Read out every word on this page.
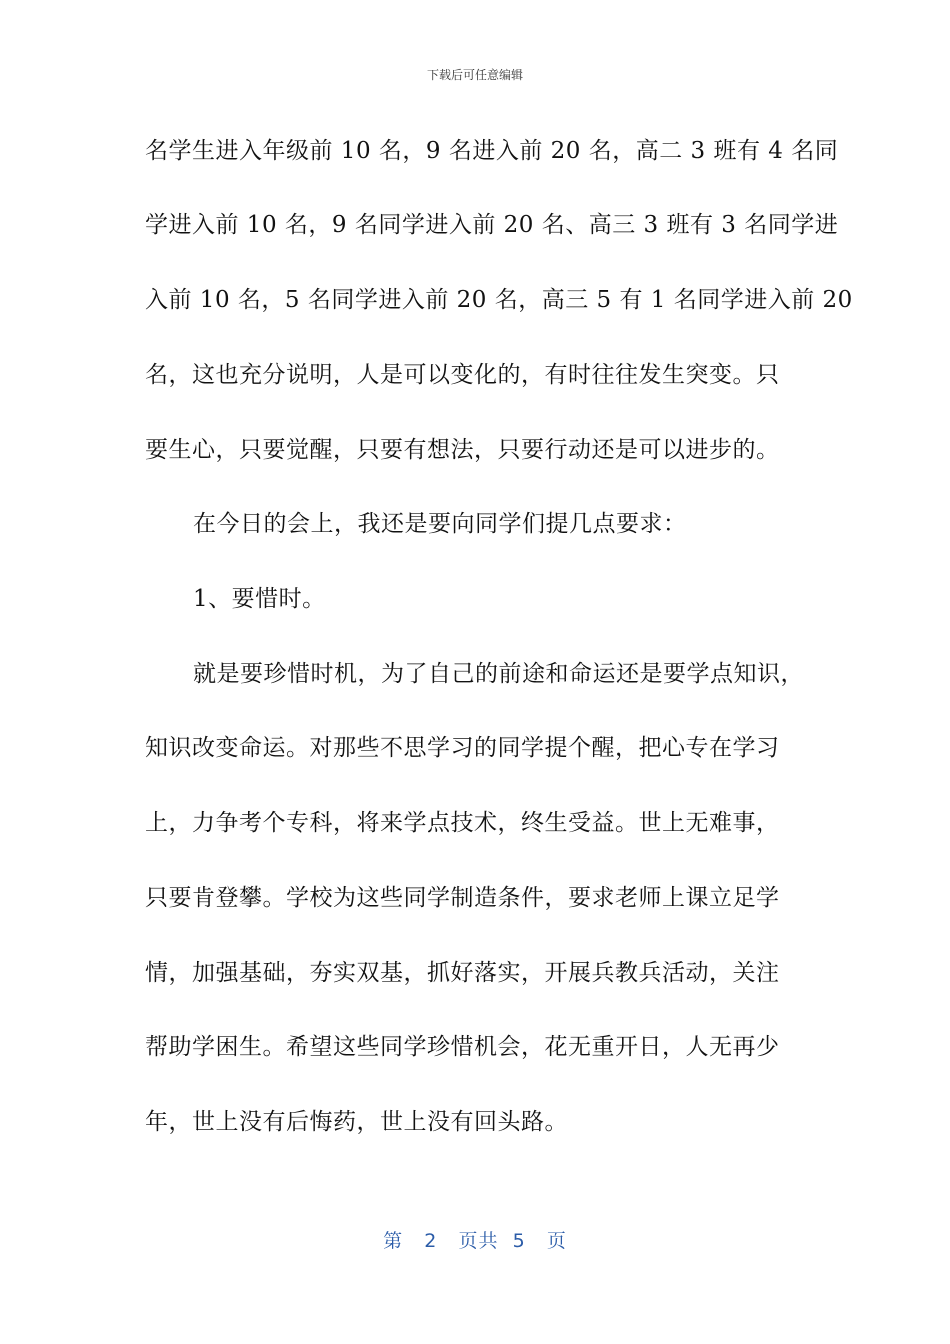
下载后可任意编辑
名学生进入年级前 10 名，9 名进入前 20 名，高二 3 班有 4 名同
学进入前 10 名，9 名同学进入前 20 名、高三 3 班有 3 名同学进
入前 10 名，5 名同学进入前 20 名，高三 5 有 1 名同学进入前 20
名，这也充分说明，人是可以变化的，有时往往发生突变。只
要生心，只要觉醒，只要有想法，只要行动还是可以进步的。
在今日的会上，我还是要向同学们提几点要求：
1、要惜时。
就是要珍惜时机，为了自己的前途和命运还是要学点知识，
知识改变命运。对那些不思学习的同学提个醒，把心专在学习
上，力争考个专科，将来学点技术，终生受益。世上无难事，
只要肯登攀。学校为这些同学制造条件，要求老师上课立足学
情，加强基础，夯实双基，抓好落实，开展兵教兵活动，关注
帮助学困生。希望这些同学珍惜机会，花无重开日，人无再少
年，世上没有后悔药，世上没有回头路。
第 2 页共 5 页
